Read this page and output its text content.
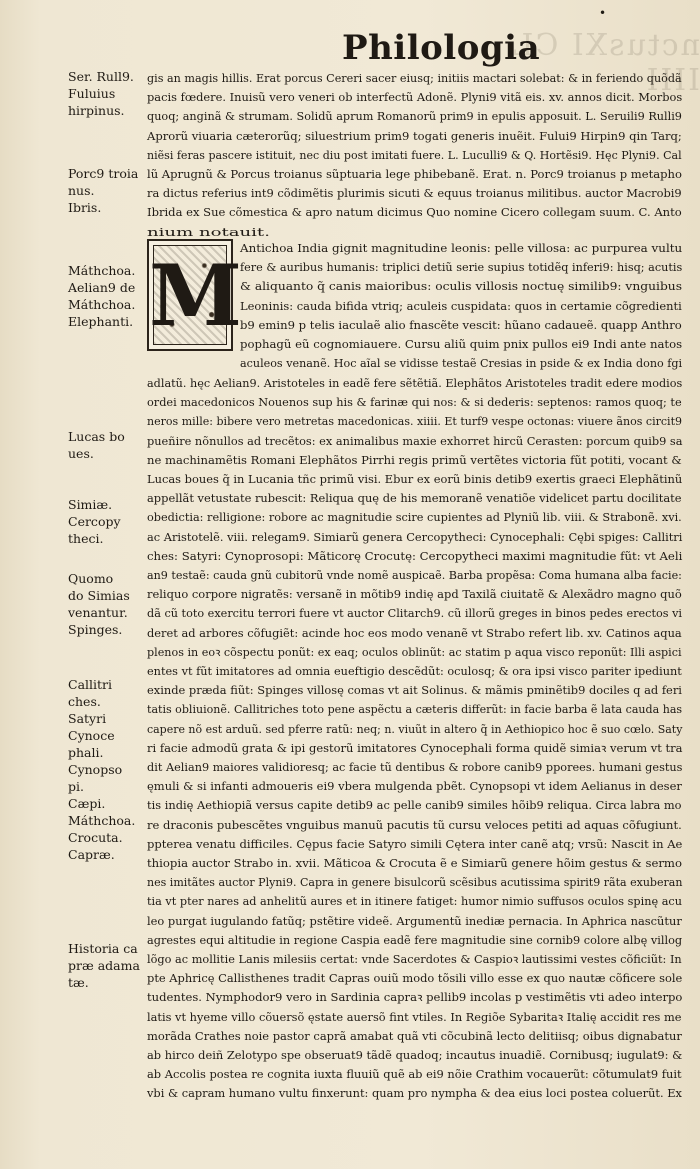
nctusXI CL IIII
•
Philologia
Ser. Rull9.
Fuluius
hirpinus.
Porc9 troia
nus.
Ibris.
Máthchoa.
Aelian9 de
Máthchoa.
Elephanti.
Lucas bo
ues.
Simiæ.
Cercopy
theci.
Quomo
do Simias
venantur.
Spinges.
Callitri
ches.
Satyri
Cynoce
phali.
Cynopso
pi.
Cæpi.
Máthchoa.
Crocuta.
Capræ.
Historia ca
præ adama
tæ.
M
gis an magis hillis. Erat porcus Cereri sacer eiusq; initiis mactari solebat: & in feriendo quõdã
pacis fœdere. Inuisũ vero veneri ob interfectũ Adonẽ. Plyni9 vitã eis. xv. annos dicit. Morbos
quoq; anginã & strumam. Solidũ aprum Romanorũ prim9 in epulis apposuit. L. Seruili9 Rulli9
Aprorũ viuaria cæterorũq; siluestrium prim9 togati generis inuẽit. Fului9 Hirpin9 qin Tarq;
niẽsi feras pascere istituit, nec diu post imitati fuere. L. Luculli9 & Q. Hortẽsi9. Hęc Plyni9. Cal
lũ Aprugnũ & Porcus troianus sũptuaria lege phibebanẽ. Erat. n. Porc9 troianus p metapho
ra dictus referius int9 cõdimẽtis plurimis sicuti & equus troianus militibus. auctor Macrobi9
Ibrida ex Sue cõmestica & apro natum dicimus Quo nomine Cicero collegam suum. C. Anto
nium notauit.
Antichoa India gignit magnitudine leonis: pelle villosa: ac purpurea vultu
fere & auribus humanis: triplici detiũ serie supius totidẽq inferi9: hisq; acutis
& aliquanto q̃ canis maioribus: oculis villosis noctuę similib9: vnguibus
Leoninis: cauda bifida vtriq; aculeis cuspidata: quos in certamie cõgredienti
b9 emin9 p telis iaculaẽ alio fnascẽte vescit: hũano cadaueẽ. quapp Anthro
pophagũ eũ cognomiauere. Cursu aliũ quim pnix pullos ei9 Indi ante natos
aculeos venanẽ. Hoc aĩal se vidisse testaẽ Cresias in pside & ex India dono fgi
adlatũ. hęc Aelian9. Aristoteles in eadẽ fere sẽtẽtiã. Elephãtos Aristoteles tradit edere modios
ordei macedonicos Nouenos sup his & farinæ qui nos: & si dederis: septenos: ramos quoq; te
neros mille: bibere vero metretas macedonicas. xiiii. Et turf9 vespe octonas: viuere ãnos circit9
pueñire nõnullos ad trecẽtos: ex animalibus maxie exhorret hircũ Cerasten: porcum quib9 sa
ne machinamẽtis Romani Elephãtos Pirrhi regis primũ vertẽtes victoria fũt potiti, vocant &
Lucas boues q̃ in Lucania tñc primũ visi. Ebur ex eorũ binis detib9 exertis graeci Elephãtinũ
appellãt vetustate rubescit: Reliqua quę de his memoranẽ venatiõe videlicet partu docilitate
obedictia: relligione: robore ac magnitudie scire cupientes ad Plyniũ lib. viii. & Strabonẽ. xvi.
ac Aristotelẽ. viii. relegam9. Simiarũ genera Cercopytheci: Cynocephali: Cębi spiges: Callitri
ches: Satyri: Cynoprosopi: Mãticorę Crocutę: Cercopytheci maximi magnitudie fũt: vt Aeli
an9 testaẽ: cauda gnũ cubitorũ vnde nomẽ auspicaẽ. Barba propẽsa: Coma humana alba facie:
reliquo corpore nigratẽs: versanẽ in mõtib9 indię apd Taxilã ciuitatẽ & Alexãdro magno quõ
dã cũ toto exercitu terrori fuere vt auctor Clitarch9. cũ illorũ greges in binos pedes erectos vi
deret ad arbores cõfugiẽt: acinde hoc eos modo venanẽ vt Strabo refert lib. xv. Catinos aqua
plenos in eoꝛ cõspectu ponũt: ex eaq; oculos oblinũt: ac statim p aqua visco reponũt: Illi aspici
entes vt fũt imitatores ad omnia eueftigio descẽdũt: oculosq; & ora ipsi visco pariter ipediunt
exinde præda fiũt: Spinges villosę comas vt ait Solinus. & mãmis pminẽtib9 dociles q ad feri
tatis obliuionẽ. Callitriches toto pene aspẽctu a cæteris differũt: in facie barba ẽ lata cauda has
capere nõ est arduũ. sed pferre ratũ: neq; n. viuũt in altero q̃ in Aethiopico hoc ẽ suo cœlo. Saty
ri facie admodũ grata & ipi gestorũ imitatores Cynocephali forma quidẽ simiaꝛ verum vt tra
dit Aelian9 maiores validioresq; ac facie tũ dentibus & robore canib9 pporees. humani gestus
ęmuli & si infanti admoueris ei9 vbera mulgenda pbẽt. Cynopsopi vt idem Aelianus in deser
tis indię Aethiopiã versus capite detib9 ac pelle canib9 similes hõib9 reliqua. Circa labra mo
re draconis pubescẽtes vnguibus manuũ pacutis tũ cursu veloces petiti ad aquas cõfugiunt.
ppterea venatu difficiles. Cępus facie Satyro simili Cętera inter canẽ atq; vrsũ: Nascit in Ae
thiopia auctor Strabo in. xvii. Mãticoa & Crocuta ẽ e Simiarũ genere hõim gestus & sermo
nes imitãtes auctor Plyni9. Capra in genere bisulcorũ scẽsibus acutissima spirit9 rãta exuberan
tia vt pter nares ad anhelitũ aures et in itinere fatiget: humor nimio suffusos oculos spinę acu
leo purgat iugulando fatũq; pstẽtire videẽ. Argumentũ inediæ pernacia. In Aphrica nascũtur
agrestes equi altitudie in regione Caspia eadẽ fere magnitudie sine cornib9 colore albę villog
lõgo ac mollitie Lanis milesiis certat: vnde Sacerdotes & Caspioꝛ lautissimi vestes cõficiũt: In
pte Aphricę Callisthenes tradit Capras ouiũ modo tõsili villo esse ex quo nautæ cõficere sole
tudentes. Nymphodor9 vero in Sardinia capraꝛ pellib9 incolas p vestimẽtis vti adeo interpo
latis vt hyeme villo cõuersõ ęstate auersõ fint vtiles. In Regiõe Sybaritaꝛ Italię accidit res me
morãda Crathes noie pastor caprã amabat quã vti cõcubinã lecto delitiisq; oibus dignabatur
ab hirco deiñ Zelotypo spe obseruat9 tãdẽ quadoq; incautus inuadiẽ. Cornibusq; iugulat9: &
ab Accolis postea re cognita iuxta fluuiũ quẽ ab ei9 nõie Crathim vocauerũt: cõtumulat9 fuit
vbi & capram humano vultu finxerunt: quam pro nympha & dea eius loci postea coluerũt. Ex
